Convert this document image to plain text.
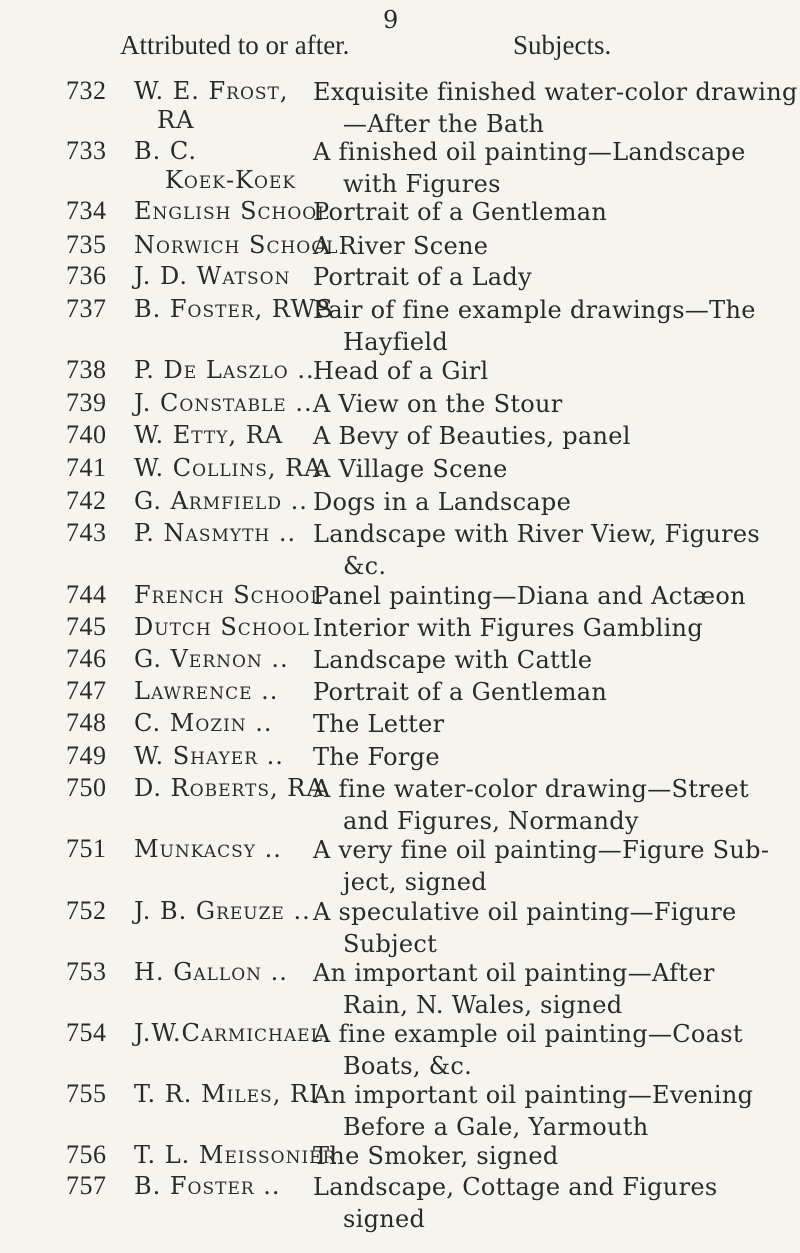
9
Attributed to or after.	Subjects.
732 W. E. Frost,
RA
Exquisite finished water-color drawing
—After the Bath
733 B. C.
Koek-Koek
A finished oil painting—Landscape
with Figures
734 English School
Portrait of a Gentleman
735 Norwich School
A River Scene
736 J. D. Watson Portrait of a Lady
737 B. Foster, RWS
Pair of fine example drawings—The
Hayfield
738 P. De Laszlo ..
Head of a Girl
739 J. Constable .. A View on the Stour
740 W. Etty, RA A Bevy of Beauties, panel
741 W. Collins, RA
A Village Scene
742 G. Armfield .. Dogs in a Landscape
743 P. Nasmyth .. Landscape with River View, Figures
&c.
744 French School
Panel painting—Diana and Actæon
745 Dutch School Interior with Figures Gambling
746 G. Vernon .. Landscape with Cattle
747 Lawrence .. Portrait of a Gentleman
748 C. Mozin .. The Letter
749 W. Shayer .. The Forge
750 D. Roberts, RA
A fine water-color drawing—Street
and Figures, Normandy
751 Munkacsy .. A very fine oil painting—Figure Sub-
ject, signed
752 J. B. Greuze .. A speculative oil painting—Figure
Subject
753 H. Gallon .. An important oil painting—After
Rain, N. Wales, signed
754 J.W.Carmichael
A fine example oil painting—Coast
Boats, &c.
755 T. R. Miles, RI
An important oil painting—Evening
Before a Gale, Yarmouth
756 T. L. Meissonier
The Smoker, signed
757 B. Foster .. Landscape, Cottage and Figures
signed
